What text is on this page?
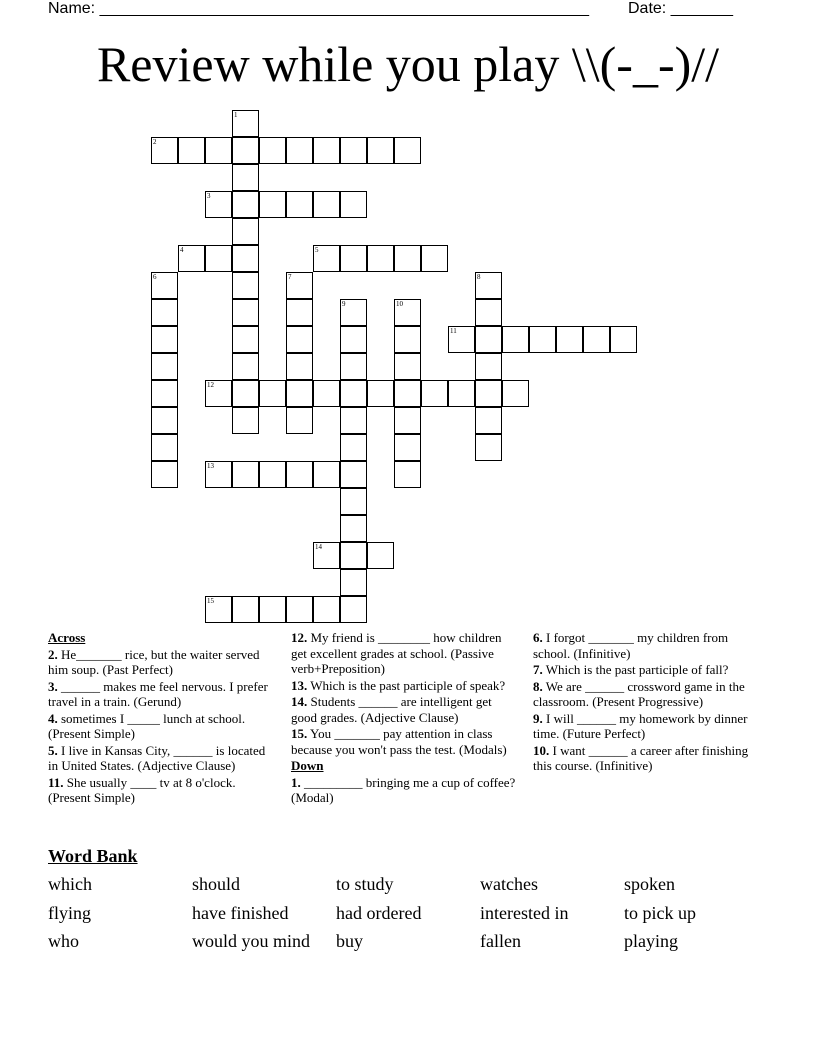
Name: _______________________________________________________ Date: _______
Review while you play \\(-_-)//
1
2
3
4	5
6	7	8
9	10
11
12
13
14
15
Across
2. He_______ rice, but the waiter served him soup. (Past Perfect)
3. ______ makes me feel nervous. I prefer travel in a train. (Gerund)
4. sometimes I _____ lunch at school. (Present Simple)
5. I live in Kansas City, ______ is located in United States. (Adjective Clause)
11. She usually ____ tv at 8 o'clock.(Present Simple)
12. My friend is ________ how children get excellent grades at school. (Passive verb+Preposition)
13. Which is the past participle of speak?
14. Students ______ are intelligent get good grades. (Adjective Clause)
15. You _______ pay attention in class because you won't pass the test. (Modals)
Down
1. _________ bringing me a cup of coffee? (Modal)
6. I forgot _______ my children from school. (Infinitive)
7. Which is the past participle of fall?
8. We are ______ crossword game in the classroom. (Present Progressive)
9. I will ______ my homework by dinner time. (Future Perfect)
10. I want ______ a career after finishing this course. (Infinitive)
Word Bank
which	should	to study	watches	spoken
flying	have finished	had ordered	interested in	to pick up
who	would you mind	buy	fallen	playing
